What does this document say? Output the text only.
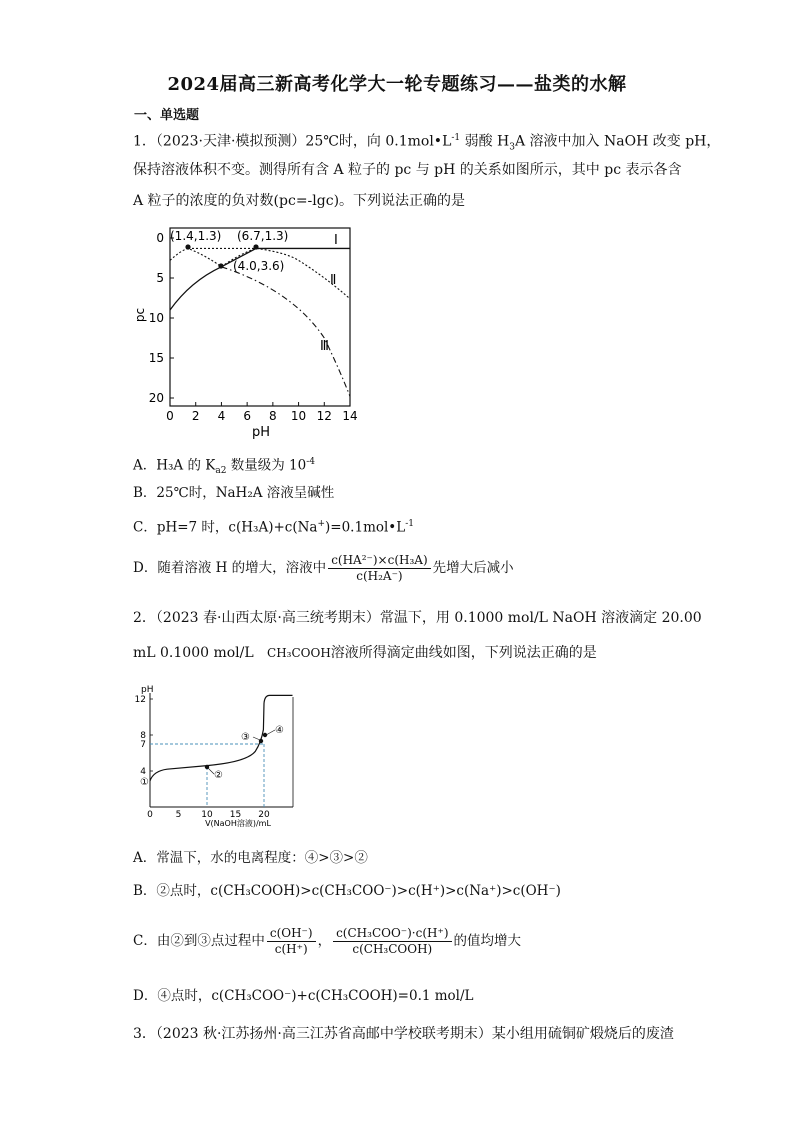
2024届高三新高考化学大一轮专题练习——盐类的水解
一、单选题
1．（2023·天津·模拟预测）25℃时，向 $0.1mol•L^{-1}$ 弱酸 $H_3A$ 溶液中加入 NaOH 改变 pH，
保持溶液体积不变。测得所有含 A 粒子的 pc 与 pH 的关系如图所示，其中 pc 表示各含
A 粒子的浓度的负对数(pc=-lgc)。下列说法正确的是
0
5
10
15
20
0 2 4 6 8 10 12 14
pH
pc
(1.4,1.3) (6.7,1.3)
(4.0,3.6)
Ⅰ
Ⅱ
Ⅲ
A．H₃A 的 $K_{a2}$ 数量级为 $10^{-4}$
B．25℃时，NaH₂A 溶液呈碱性
C．pH=7 时，$c(H_3A)+c(Na^+)=0.1mol•L^{-1}$
D．随着溶液 H 的增大，溶液中 $\frac{\text{c(HA²⁻)×c(H₃A)}}{\text{c(H₂A⁻)}}$ 先增大后减小
2．（2023 春·山西太原·高三统考期末）常温下，用 0.1000 mol/L NaOH 溶液滴定 20.00
mL 0.1000 mol/L CH₃COOH溶液所得滴定曲线如图，下列说法正确的是
pH
V(NaOH溶液)/mL
4
7
8
12
0	5 10 15 20
①
②
③
④
A．常温下，水的电离程度：④>③>②
B．②点时，c(CH₃COOH)>c(CH₃COO⁻)>c(H⁺)>c(Na⁺)>c(OH⁻)
C．由②到③点过程中 $\frac{c(OH^-)}{c(H^+)}$ ， $\frac{\text{c(CH₃COO⁻)·c(H⁺)}}{\text{c(CH₃COOH)}}$ 的值均增大
D．④点时，c(CH₃COO⁻)+c(CH₃COOH)=0.1 mol/L
3．（2023 秋·江苏扬州·高三江苏省高邮中学校联考期末）某小组用硫铜矿煅烧后的废渣
